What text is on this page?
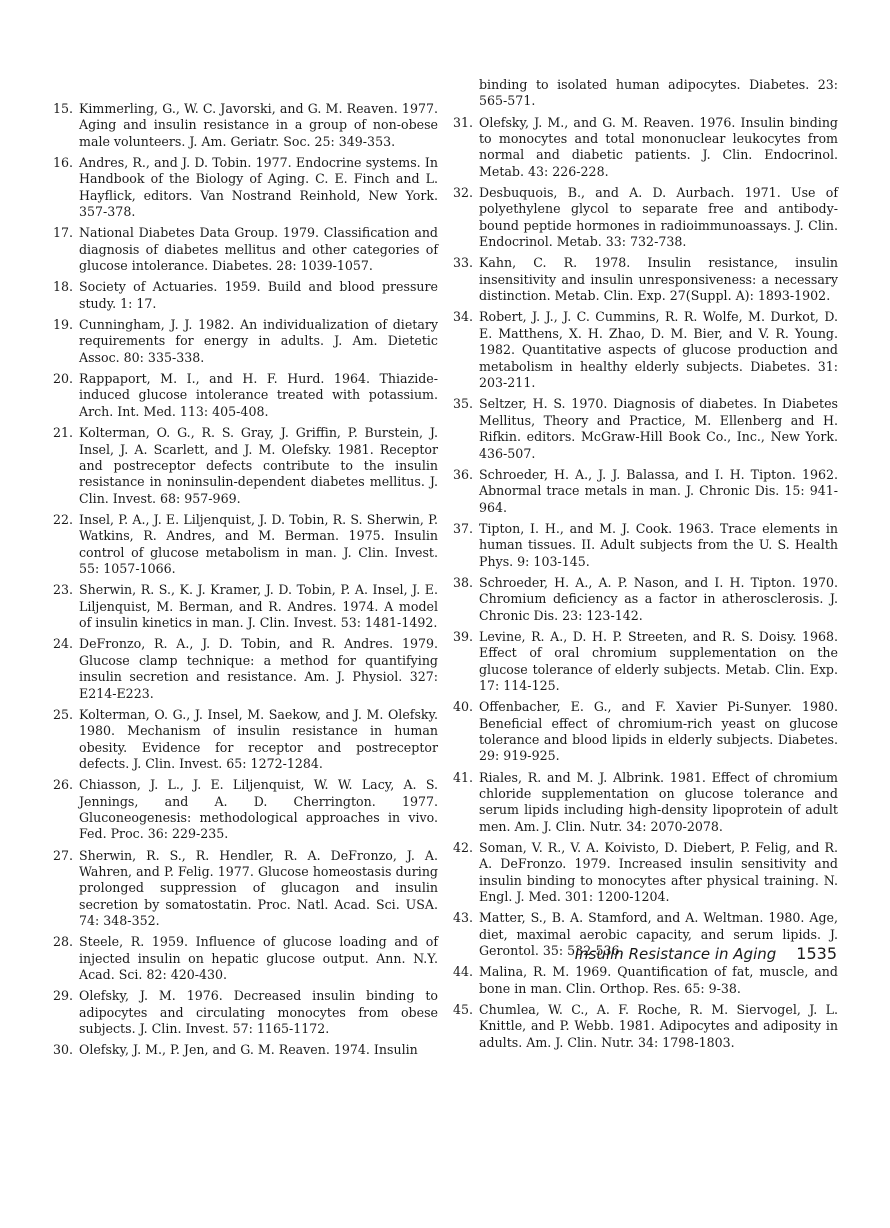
15. Kimmerling, G., W. C. Javorski, and G. M. Reaven. 1977. Aging and insulin resistance in a group of non-obese male volunteers. J. Am. Geriatr. Soc. 25: 349-353.

16. Andres, R., and J. D. Tobin. 1977. Endocrine systems. In Handbook of the Biology of Aging. C. E. Finch and L. Hayflick, editors. Van Nostrand Reinhold, New York. 357-378.

17. National Diabetes Data Group. 1979. Classification and diagnosis of diabetes mellitus and other categories of glucose intolerance. Diabetes. 28: 1039-1057.

18. Society of Actuaries. 1959. Build and blood pressure study. 1: 17.

19. Cunningham, J. J. 1982. An individualization of dietary requirements for energy in adults. J. Am. Dietetic Assoc. 80: 335-338.

20. Rappaport, M. I., and H. F. Hurd. 1964. Thiazide-induced glucose intolerance treated with potassium. Arch. Int. Med. 113: 405-408.

21. Kolterman, O. G., R. S. Gray, J. Griffin, P. Burstein, J. Insel, J. A. Scarlett, and J. M. Olefsky. 1981. Receptor and postreceptor defects contribute to the insulin resistance in noninsulin-dependent diabetes mellitus. J. Clin. Invest. 68: 957-969.

22. Insel, P. A., J. E. Liljenquist, J. D. Tobin, R. S. Sherwin, P. Watkins, R. Andres, and M. Berman. 1975. Insulin control of glucose metabolism in man. J. Clin. Invest. 55: 1057-1066.

23. Sherwin, R. S., K. J. Kramer, J. D. Tobin, P. A. Insel, J. E. Liljenquist, M. Berman, and R. Andres. 1974. A model of insulin kinetics in man. J. Clin. Invest. 53: 1481-1492.

24. DeFronzo, R. A., J. D. Tobin, and R. Andres. 1979. Glucose clamp technique: a method for quantifying insulin secretion and resistance. Am. J. Physiol. 327: E214-E223.

25. Kolterman, O. G., J. Insel, M. Saekow, and J. M. Olefsky. 1980. Mechanism of insulin resistance in human obesity. Evidence for receptor and postreceptor defects. J. Clin. Invest. 65: 1272-1284.

26. Chiasson, J. L., J. E. Liljenquist, W. W. Lacy, A. S. Jennings, and A. D. Cherrington. 1977. Gluconeogenesis: methodological approaches in vivo. Fed. Proc. 36: 229-235.

27. Sherwin, R. S., R. Hendler, R. A. DeFronzo, J. A. Wahren, and P. Felig. 1977. Glucose homeostasis during prolonged suppression of glucagon and insulin secretion by somatostatin. Proc. Natl. Acad. Sci. USA. 74: 348-352.

28. Steele, R. 1959. Influence of glucose loading and of injected insulin on hepatic glucose output. Ann. N.Y. Acad. Sci. 82: 420-430.

29. Olefsky, J. M. 1976. Decreased insulin binding to adipocytes and circulating monocytes from obese subjects. J. Clin. Invest. 57: 1165-1172.

30. Olefsky, J. M., P. Jen, and G. M. Reaven. 1974. Insulin

binding to isolated human adipocytes. Diabetes. 23: 565-571.

31. Olefsky, J. M., and G. M. Reaven. 1976. Insulin binding to monocytes and total mononuclear leukocytes from normal and diabetic patients. J. Clin. Endocrinol. Metab. 43: 226-228.

32. Desbuquois, B., and A. D. Aurbach. 1971. Use of polyethylene glycol to separate free and antibody-bound peptide hormones in radioimmunoassays. J. Clin. Endocrinol. Metab. 33: 732-738.

33. Kahn, C. R. 1978. Insulin resistance, insulin insensitivity and insulin unresponsiveness: a necessary distinction. Metab. Clin. Exp. 27(Suppl. A): 1893-1902.

34. Robert, J. J., J. C. Cummins, R. R. Wolfe, M. Durkot, D. E. Matthens, X. H. Zhao, D. M. Bier, and V. R. Young. 1982. Quantitative aspects of glucose production and metabolism in healthy elderly subjects. Diabetes. 31: 203-211.

35. Seltzer, H. S. 1970. Diagnosis of diabetes. In Diabetes Mellitus, Theory and Practice, M. Ellenberg and H. Rifkin. editors. McGraw-Hill Book Co., Inc., New York. 436-507.

36. Schroeder, H. A., J. J. Balassa, and I. H. Tipton. 1962. Abnormal trace metals in man. J. Chronic Dis. 15: 941-964.

37. Tipton, I. H., and M. J. Cook. 1963. Trace elements in human tissues. II. Adult subjects from the U. S. Health Phys. 9: 103-145.

38. Schroeder, H. A., A. P. Nason, and I. H. Tipton. 1970. Chromium deficiency as a factor in atherosclerosis. J. Chronic Dis. 23: 123-142.

39. Levine, R. A., D. H. P. Streeten, and R. S. Doisy. 1968. Effect of oral chromium supplementation on the glucose tolerance of elderly subjects. Metab. Clin. Exp. 17: 114-125.

40. Offenbacher, E. G., and F. Xavier Pi-Sunyer. 1980. Beneficial effect of chromium-rich yeast on glucose tolerance and blood lipids in elderly subjects. Diabetes. 29: 919-925.

41. Riales, R. and M. J. Albrink. 1981. Effect of chromium chloride supplementation on glucose tolerance and serum lipids including high-density lipoprotein of adult men. Am. J. Clin. Nutr. 34: 2070-2078.

42. Soman, V. R., V. A. Koivisto, D. Diebert, P. Felig, and R. A. DeFronzo. 1979. Increased insulin sensitivity and insulin binding to monocytes after physical training. N. Engl. J. Med. 301: 1200-1204.

43. Matter, S., B. A. Stamford, and A. Weltman. 1980. Age, diet, maximal aerobic capacity, and serum lipids. J. Gerontol. 35: 532-536.

44. Malina, R. M. 1969. Quantification of fat, muscle, and bone in man. Clin. Orthop. Res. 65: 9-38.

45. Chumlea, W. C., A. F. Roche, R. M. Siervogel, J. L. Knittle, and P. Webb. 1981. Adipocytes and adiposity in adults. Am. J. Clin. Nutr. 34: 1798-1803.

Insulin Resistance in Aging 1535
